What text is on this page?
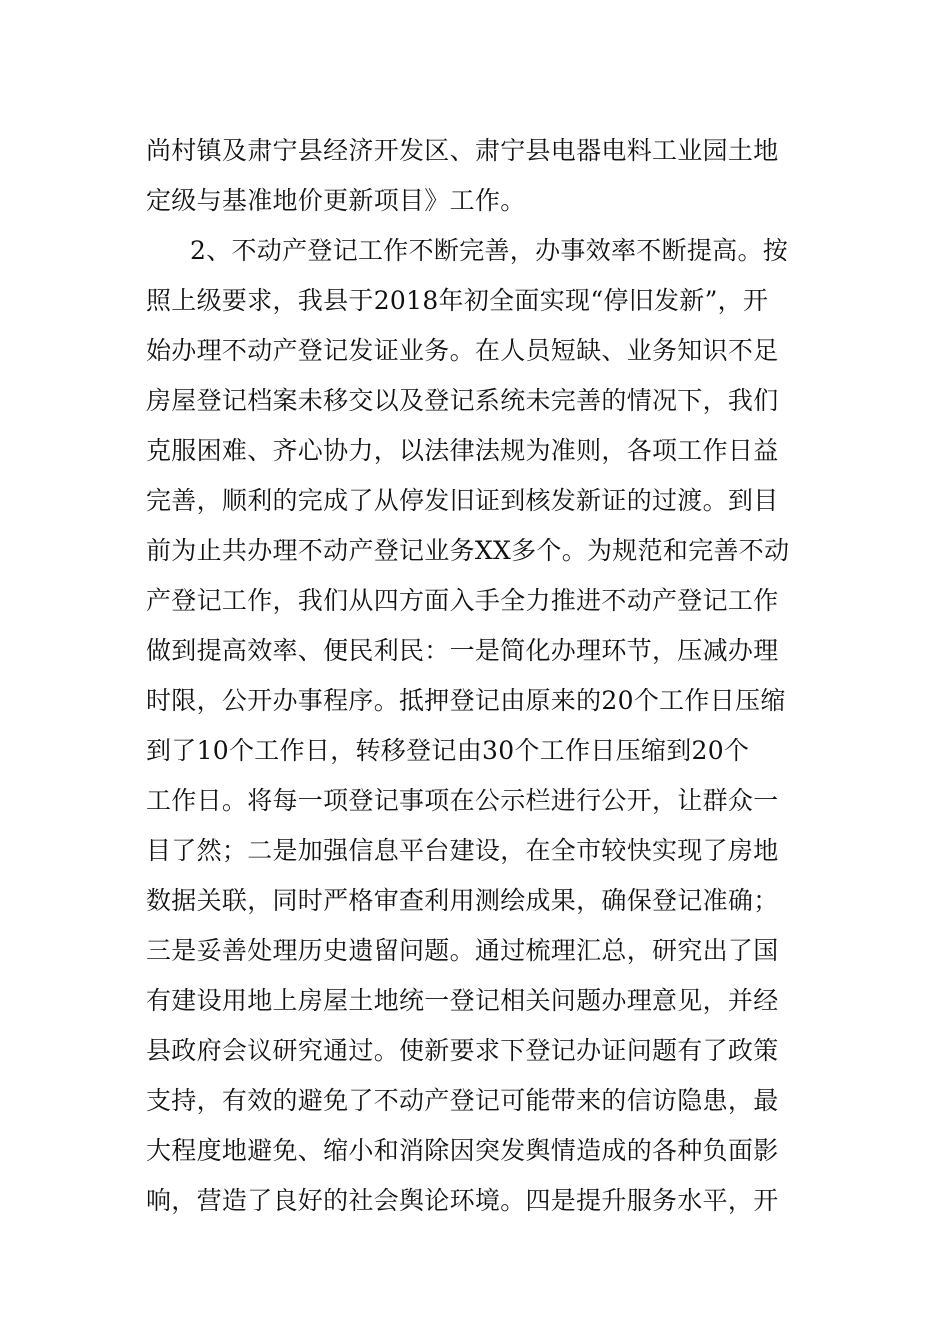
尚村镇及肃宁县经济开发区、肃宁县电器电料工业园土地
定级与基准地价更新项目》工作。
2、不动产登记工作不断完善，办事效率不断提高。按
照上级要求，我县于2018年初全面实现“停旧发新”，开
始办理不动产登记发证业务。在人员短缺、业务知识不足
房屋登记档案未移交以及登记系统未完善的情况下，我们
克服困难、齐心协力，以法律法规为准则，各项工作日益
完善，顺利的完成了从停发旧证到核发新证的过渡。到目
前为止共办理不动产登记业务XX多个。为规范和完善不动
产登记工作，我们从四方面入手全力推进不动产登记工作
做到提高效率、便民利民：一是简化办理环节，压减办理
时限，公开办事程序。抵押登记由原来的20个工作日压缩
到了10个工作日，转移登记由30个工作日压缩到20个
工作日。将每一项登记事项在公示栏进行公开，让群众一
目了然；二是加强信息平台建设，在全市较快实现了房地
数据关联，同时严格审查利用测绘成果，确保登记准确；
三是妥善处理历史遗留问题。通过梳理汇总，研究出了国
有建设用地上房屋土地统一登记相关问题办理意见，并经
县政府会议研究通过。使新要求下登记办证问题有了政策
支持，有效的避免了不动产登记可能带来的信访隐患，最
大程度地避免、缩小和消除因突发舆情造成的各种负面影
响，营造了良好的社会舆论环境。四是提升服务水平，开
